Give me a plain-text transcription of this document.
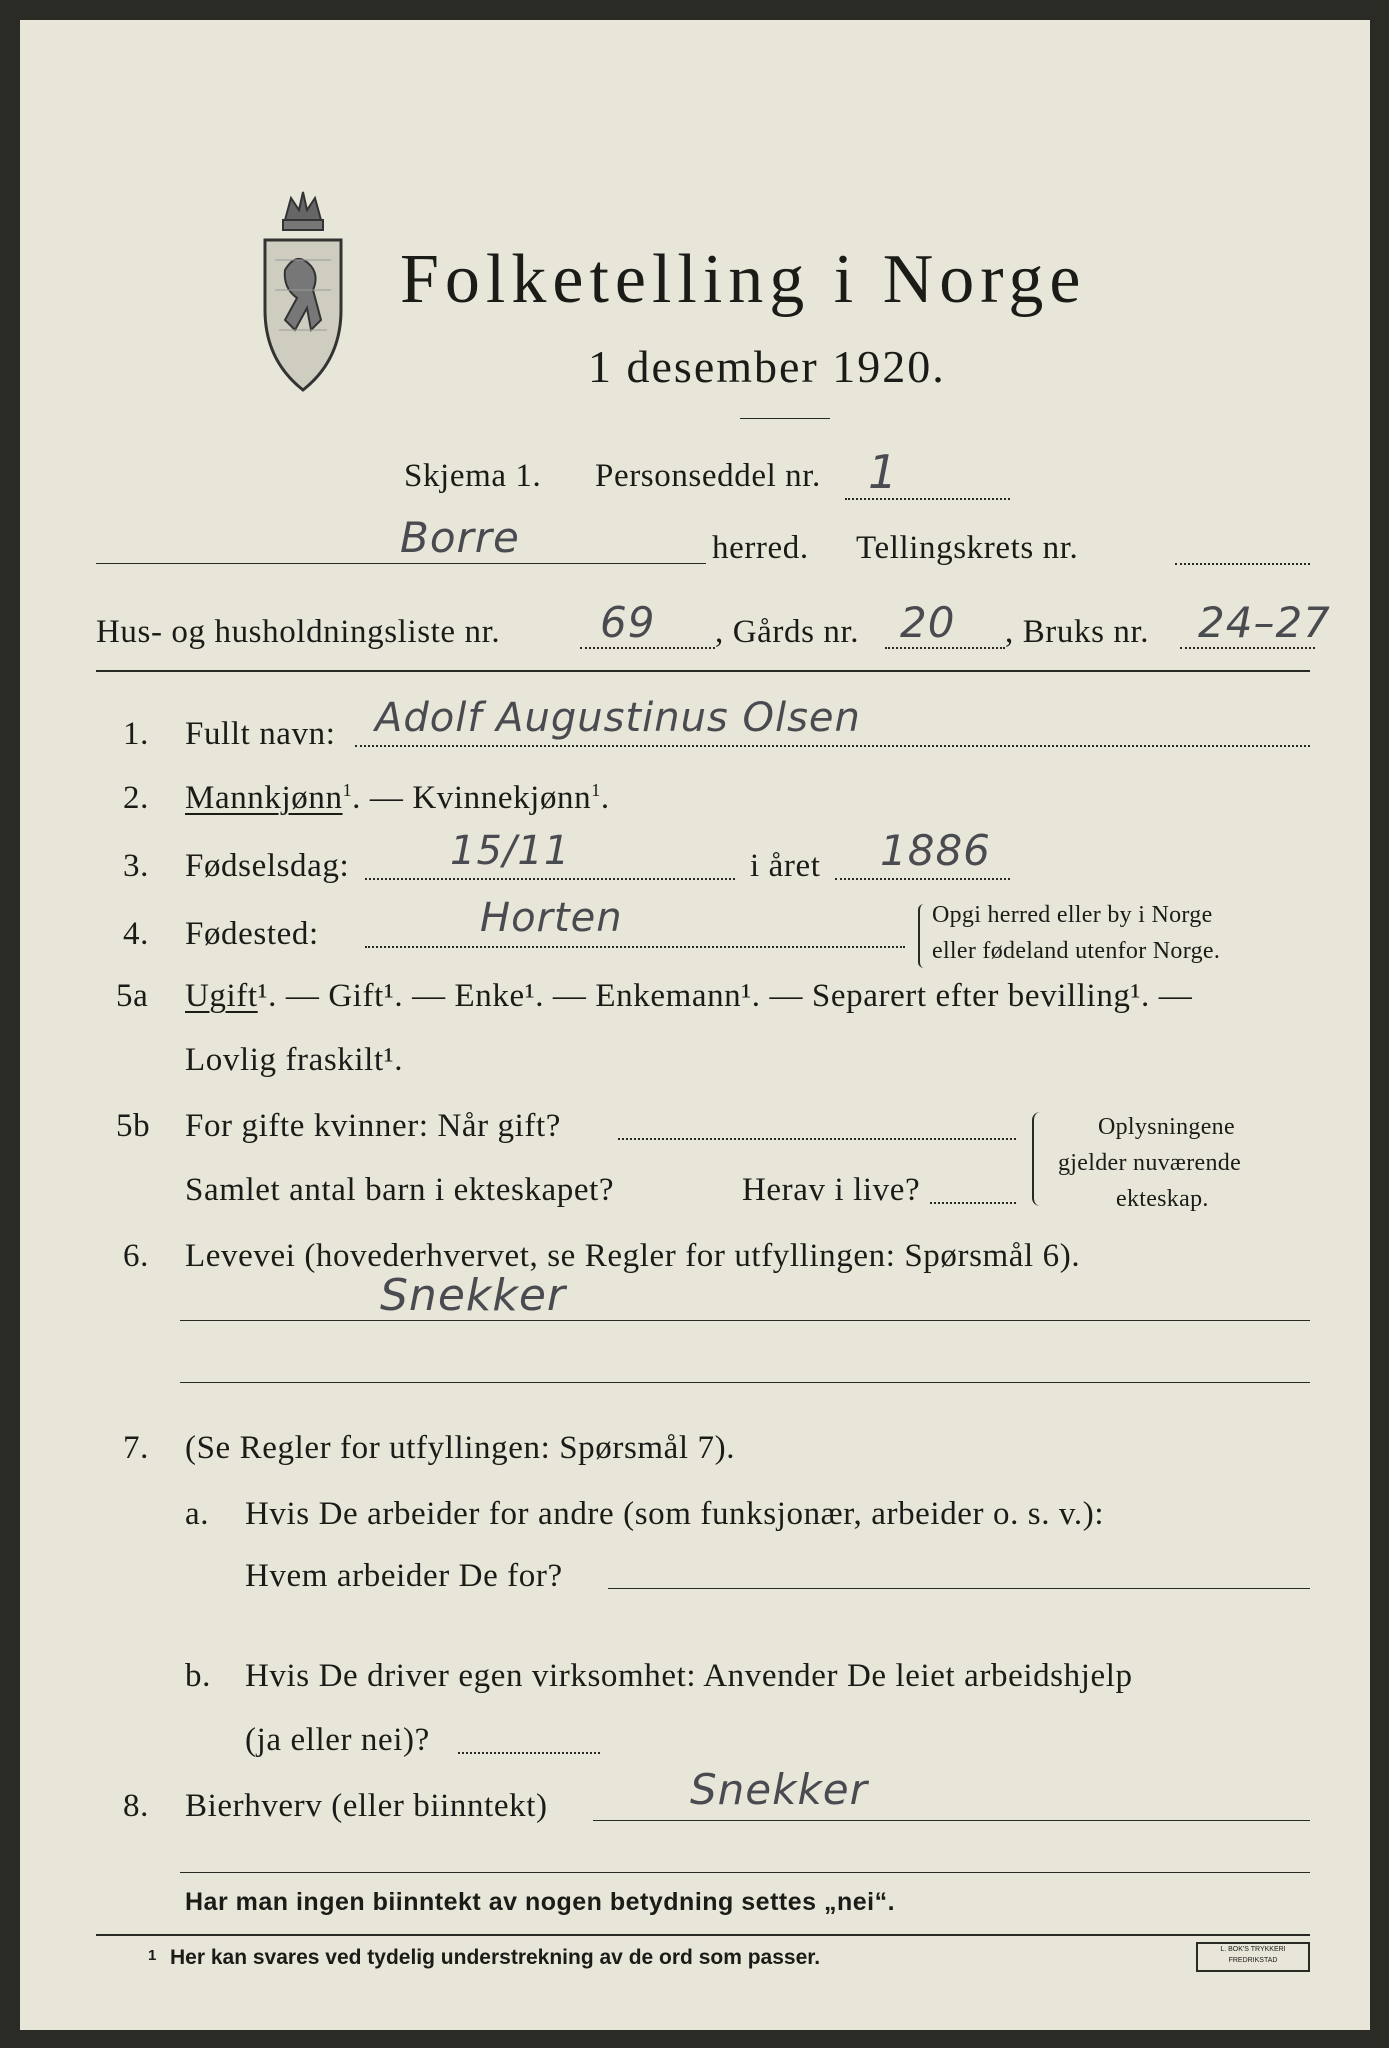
Folketelling i Norge
1 desember 1920.
Skjema 1. Personseddel nr. 1
Borre	herred. Tellingskrets nr.
Hus- og husholdningsliste nr. 69 , Gårds nr. 20 , Bruks nr. 24–27
1. Fullt navn: Adolf Augustinus Olsen
2. Mannkjønn$^1$. — Kvinnekjønn$^1$.
3. Fødselsdag:	15/11	i året 1886
4. Fødested:	Horten	Opgi herred eller by i Norge
eller fødeland utenfor Norge.
5a Ugift¹. — Gift¹. — Enke¹. — Enkemann¹. — Separert efter bevilling¹. —
Lovlig fraskilt¹.
5b For gifte kvinner: Når gift?
Samlet antal barn i ekteskapet?	Herav i live?
Oplysningene
gjelder nuværende
ekteskap.
6. Levevei (hovederhvervet, se Regler for utfyllingen: Spørsmål 6).
Snekker
7. (Se Regler for utfyllingen: Spørsmål 7).
a. Hvis De arbeider for andre (som funksjonær, arbeider o. s. v.):
Hvem arbeider De for?
b. Hvis De driver egen virksomhet: Anvender De leiet arbeidshjelp
(ja eller nei)?
8. Bierhverv (eller biinntekt)	Snekker
Har man ingen biinntekt av nogen betydning settes „nei“.
1 Her kan svares ved tydelig understrekning av de ord som passer.	L. BOK'S TRYKKERI
FREDRIKSTAD
